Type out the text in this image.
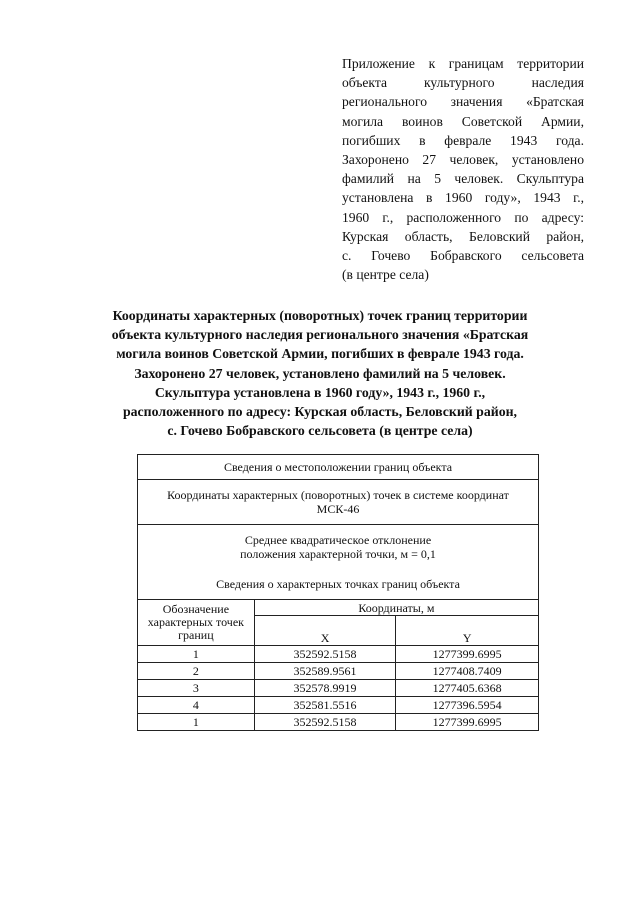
Приложение к границам территории
объекта культурного наследия
регионального значения «Братская
могила воинов Советской Армии,
погибших в феврале 1943 года.
Захоронено 27 человек, установлено
фамилий на 5 человек. Скульптура
установлена в 1960 году», 1943 г.,
1960 г., расположенного по адресу:
Курская область, Беловский район,
с. Гочево Бобравского сельсовета
(в центре села)
Координаты характерных (поворотных) точек границ территории
объекта культурного наследия регионального значения «Братская
могила воинов Советской Армии, погибших в феврале 1943 года.
Захоронено 27 человек, установлено фамилий на 5 человек.
Скульптура установлена в 1960 году», 1943 г., 1960 г.,
расположенного по адресу: Курская область, Беловский район,
с. Гочево Бобравского сельсовета (в центре села)
Сведения о местоположении границ объекта		

Координаты характерных (поворотных) точек в системе координат
МСК-46		

Среднее квадратическое отклонение
положения характерной точки, м = 0,1
Сведения о характерных точках границ объекта		

Обозначение
характерных точек
границ	Координаты, м	
	X	Y
1	352592.5158	1277399.6995
2	352589.9561	1277408.7409
3	352578.9919	1277405.6368
4	352581.5516	1277396.5954
1	352592.5158	1277399.6995
